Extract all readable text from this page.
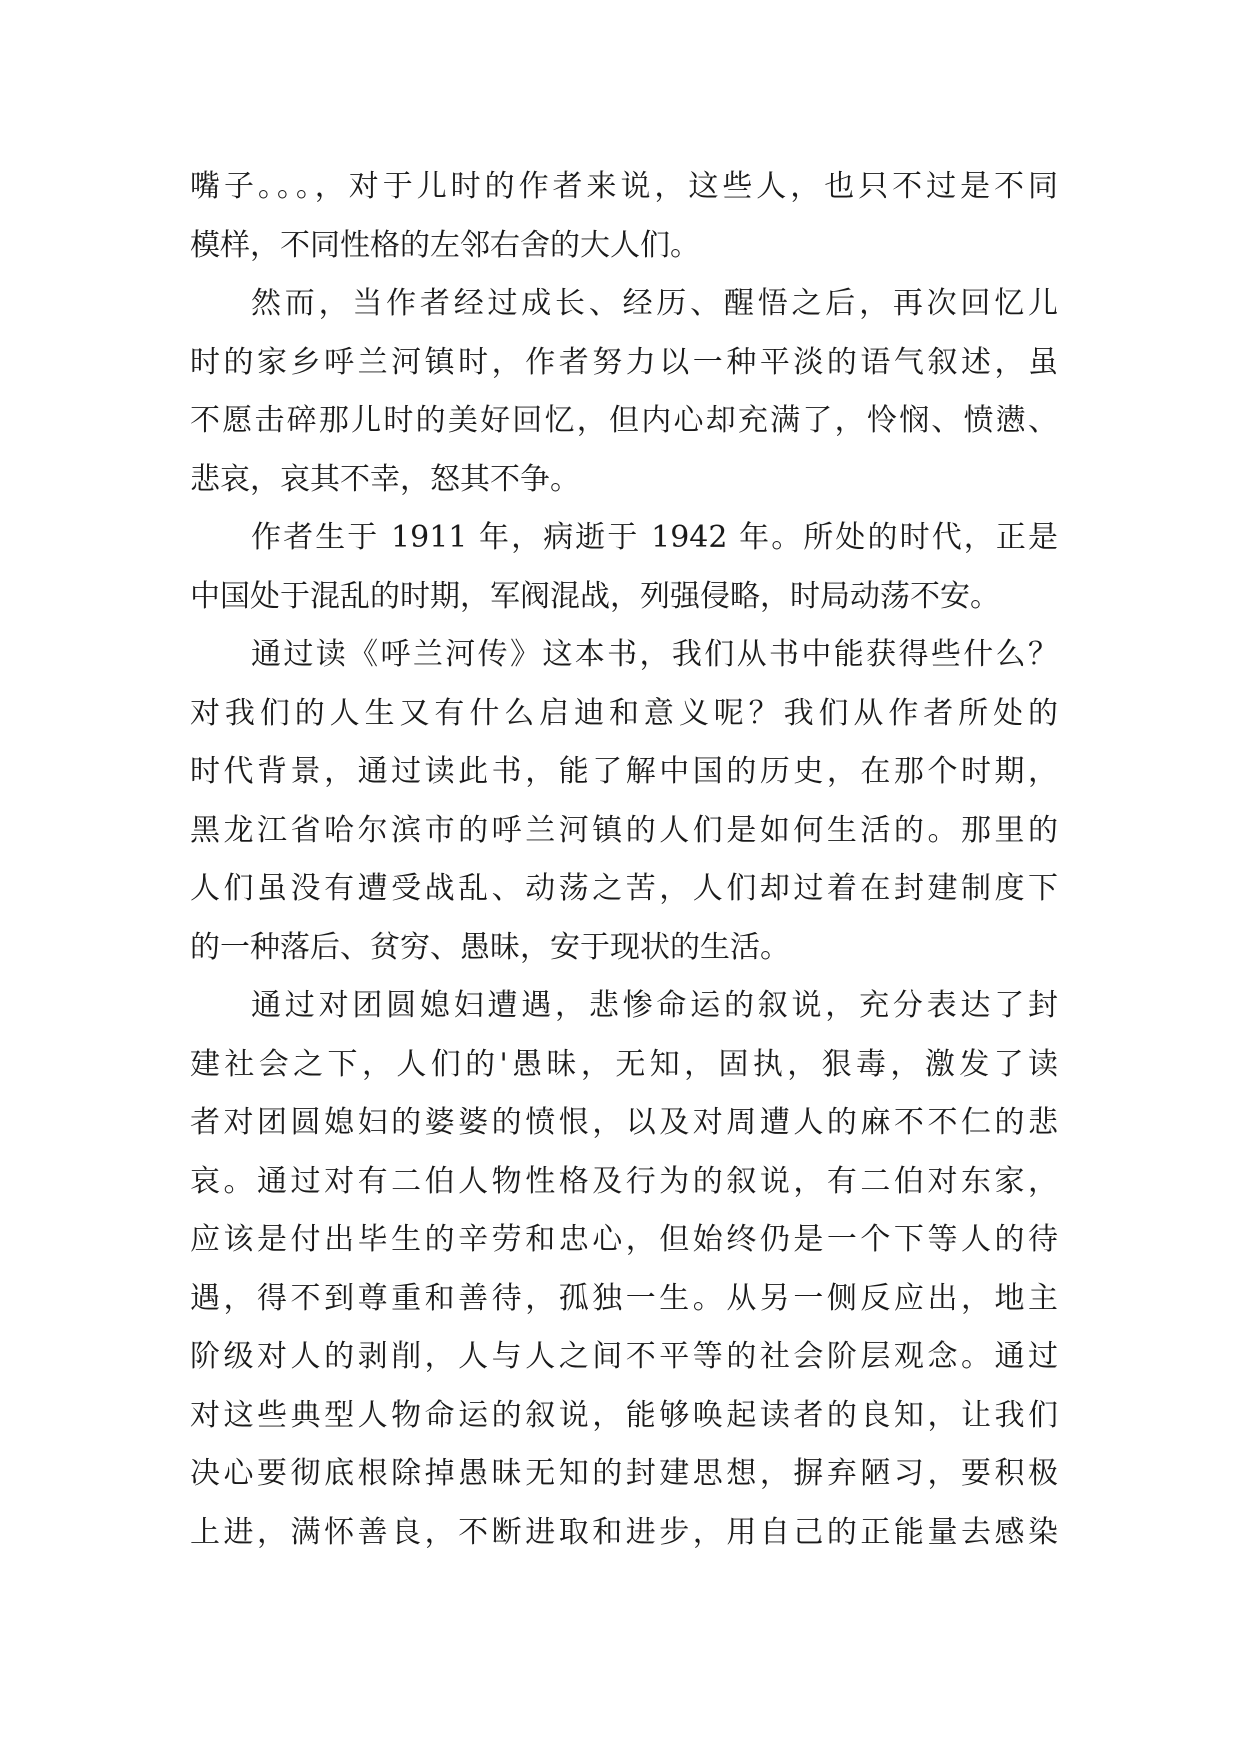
嘴子。。。，对于儿时的作者来说，这些人，也只不过是不同
模样，不同性格的左邻右舍的大人们。
然而，当作者经过成长、经历、醒悟之后，再次回忆儿
时的家乡呼兰河镇时，作者努力以一种平淡的语气叙述，虽
不愿击碎那儿时的美好回忆，但内心却充满了，怜悯、愤懑、
悲哀，哀其不幸，怒其不争。
作者生于 1911 年，病逝于 1942 年。所处的时代，正是
中国处于混乱的时期，军阀混战，列强侵略，时局动荡不安。
通过读《呼兰河传》这本书，我们从书中能获得些什么？
对我们的人生又有什么启迪和意义呢？我们从作者所处的
时代背景，通过读此书，能了解中国的历史，在那个时期，
黑龙江省哈尔滨市的呼兰河镇的人们是如何生活的。那里的
人们虽没有遭受战乱、动荡之苦，人们却过着在封建制度下
的一种落后、贫穷、愚昧，安于现状的生活。
通过对团圆媳妇遭遇，悲惨命运的叙说，充分表达了封
建社会之下，人们的'愚昧，无知，固执，狠毒，激发了读
者对团圆媳妇的婆婆的愤恨，以及对周遭人的麻不不仁的悲
哀。通过对有二伯人物性格及行为的叙说，有二伯对东家，
应该是付出毕生的辛劳和忠心，但始终仍是一个下等人的待
遇，得不到尊重和善待，孤独一生。从另一侧反应出，地主
阶级对人的剥削，人与人之间不平等的社会阶层观念。通过
对这些典型人物命运的叙说，能够唤起读者的良知，让我们
决心要彻底根除掉愚昧无知的封建思想，摒弃陋习，要积极
上进，满怀善良，不断进取和进步，用自己的正能量去感染
